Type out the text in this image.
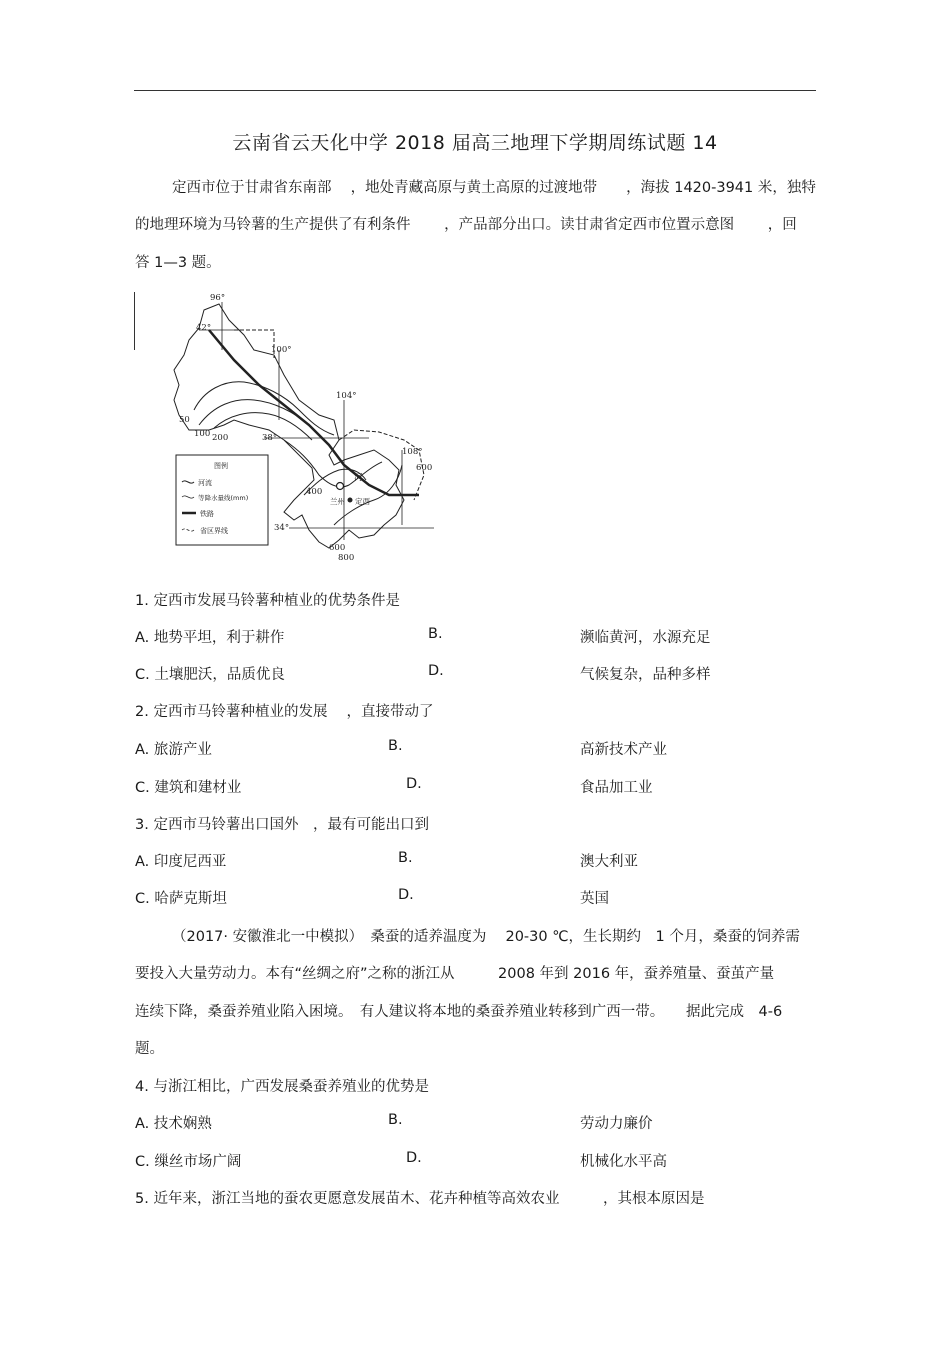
云南省云天化中学 2018 届高三地理下学期周练试题 14
定西市位于甘肃省东南部　 ，地处青藏高原与黄土高原的过渡地带　　，海拔 1420-3941 米，独特
的地理环境为马铃薯的生产提供了有利条件　　 ，产品部分出口。读甘肃省定西市位置示意图　　 ，回
答 1—3 题。
96°
42°
100°
104°
108°
38°
34°
50
100 200
400
600
600
800
河
兰州 定西
图例
河流
等降水量线(mm)
铁路
省区界线
1. 定西市发展马铃薯种植业的优势条件是
A. 地势平坦，利于耕作	B.	濒临黄河，水源充足
C. 土壤肥沃，品质优良	D.	气候复杂，品种多样
2. 定西市马铃薯种植业的发展　 ，直接带动了
A. 旅游产业	B.	高新技术产业
C. 建筑和建材业	D.	食品加工业
3. 定西市马铃薯出口国外　，最有可能出口到
A. 印度尼西亚	B.	澳大利亚
C. 哈萨克斯坦	D.	英国
（2017· 安徽淮北一中模拟）　桑蚕的适养温度为　 20-30 ℃，生长期约　1 个月，桑蚕的饲养需
要投入大量劳动力。本有“丝绸之府”之称的浙江从　　　2008 年到 2016 年，蚕养殖量、蚕茧产量
连续下降，桑蚕养殖业陷入困境。　有人建议将本地的桑蚕养殖业转移到广西一带。　　据此完成　4-6
题。
4. 与浙江相比，广西发展桑蚕养殖业的优势是
A. 技术娴熟	B.	劳动力廉价
C. 缫丝市场广阔	D.	机械化水平高
5. 近年来，浙江当地的蚕农更愿意发展苗木、花卉种植等高效农业　　　，其根本原因是
